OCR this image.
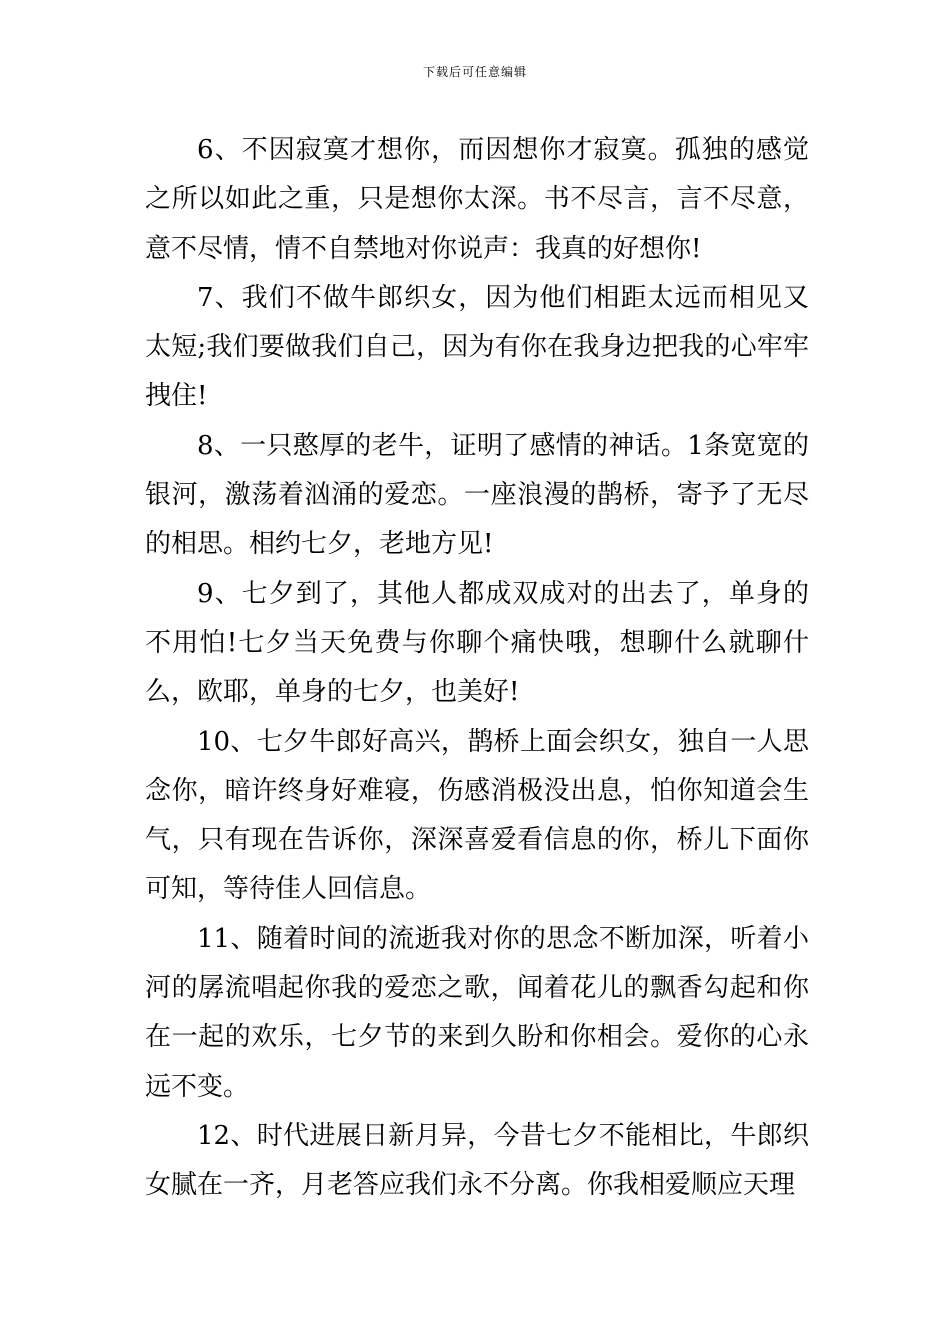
下载后可任意编辑

6、不因寂寞才想你，而因想你才寂寞。孤独的感觉之所以如此之重，只是想你太深。书不尽言，言不尽意，意不尽情，情不自禁地对你说声：我真的好想你!

7、我们不做牛郎织女，因为他们相距太远而相见又太短;我们要做我们自己，因为有你在我身边把我的心牢牢拽住!

8、一只憨厚的老牛，证明了感情的神话。1条宽宽的银河，激荡着汹涌的爱恋。一座浪漫的鹊桥，寄予了无尽的相思。相约七夕，老地方见!

9、七夕到了，其他人都成双成对的出去了，单身的不用怕!七夕当天免费与你聊个痛快哦，想聊什么就聊什么，欧耶，单身的七夕，也美好!

10、七夕牛郎好高兴，鹊桥上面会织女，独自一人思念你，暗许终身好难寝，伤感消极没出息，怕你知道会生气，只有现在告诉你，深深喜爱看信息的你，桥儿下面你可知，等待佳人回信息。

11、随着时间的流逝我对你的思念不断加深，听着小河的孱流唱起你我的爱恋之歌，闻着花儿的飘香勾起和你在一起的欢乐，七夕节的来到久盼和你相会。爱你的心永远不变。

12、时代进展日新月异，今昔七夕不能相比，牛郎织女腻在一齐，月老答应我们永不分离。你我相爱顺应天理
